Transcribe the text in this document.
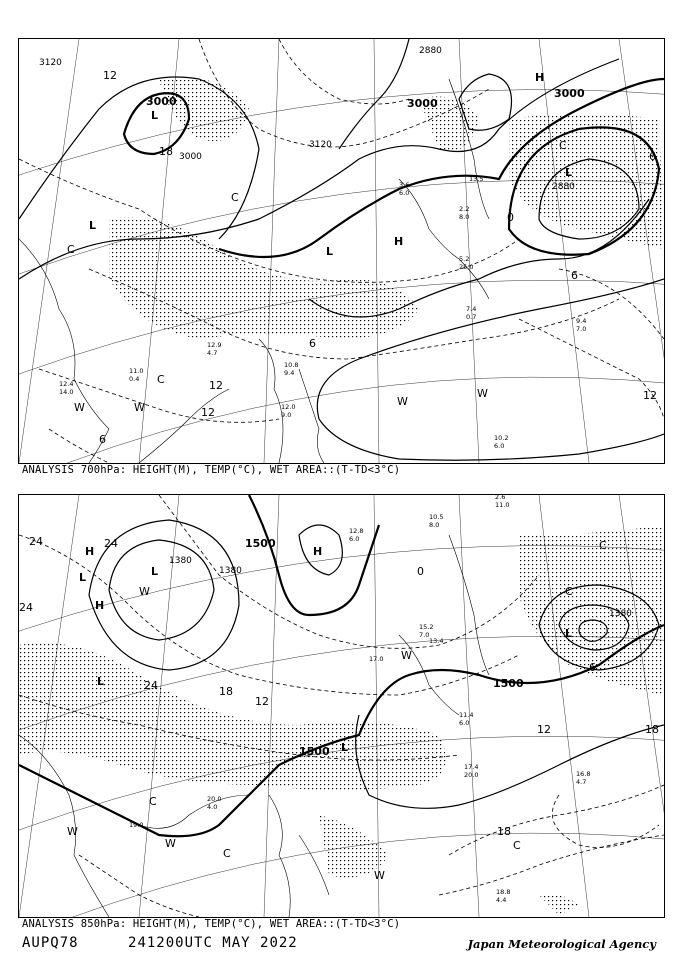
10.2
6.0
9.4
7.0
7.4
0.7
5.2
25.0
12.4
14.0
11.0
0.4
12.9
4.7
10.8
9.4
12.0
9.0
3.6
6.0
2.2
8.0
13.5
3000
3120
3000
3120
3000
2880
2880
3000
12
18	6
0
6
12
12
6
12
6
L
L
L
L
H
H
W
W
W	W
C
C
C
C
ANALYSIS 700hPa: HEIGHT(M), TEMP(°C), WET AREA::(T-TD<3°C)
18.8
4.4
16.8
4.7
17.4
20.0
20.0
4.0
19.0
2.6
11.0
10.5
8.0
15.2
7.0
11.4
6.0
17.0
13.4
12.8
6.0
1500
1500
1380
1380
1380
1500
24
24
24	18
12
6
0
12
18
18
24
L
L
L
L
L
H
H
H
W
W
W
W
W
C
C
C
C
C
ANALYSIS 850hPa: HEIGHT(M), TEMP(°C), WET AREA::(T-TD<3°C)
AUPQ78	241200UTC MAY 2022	Japan Meteorological Agency
